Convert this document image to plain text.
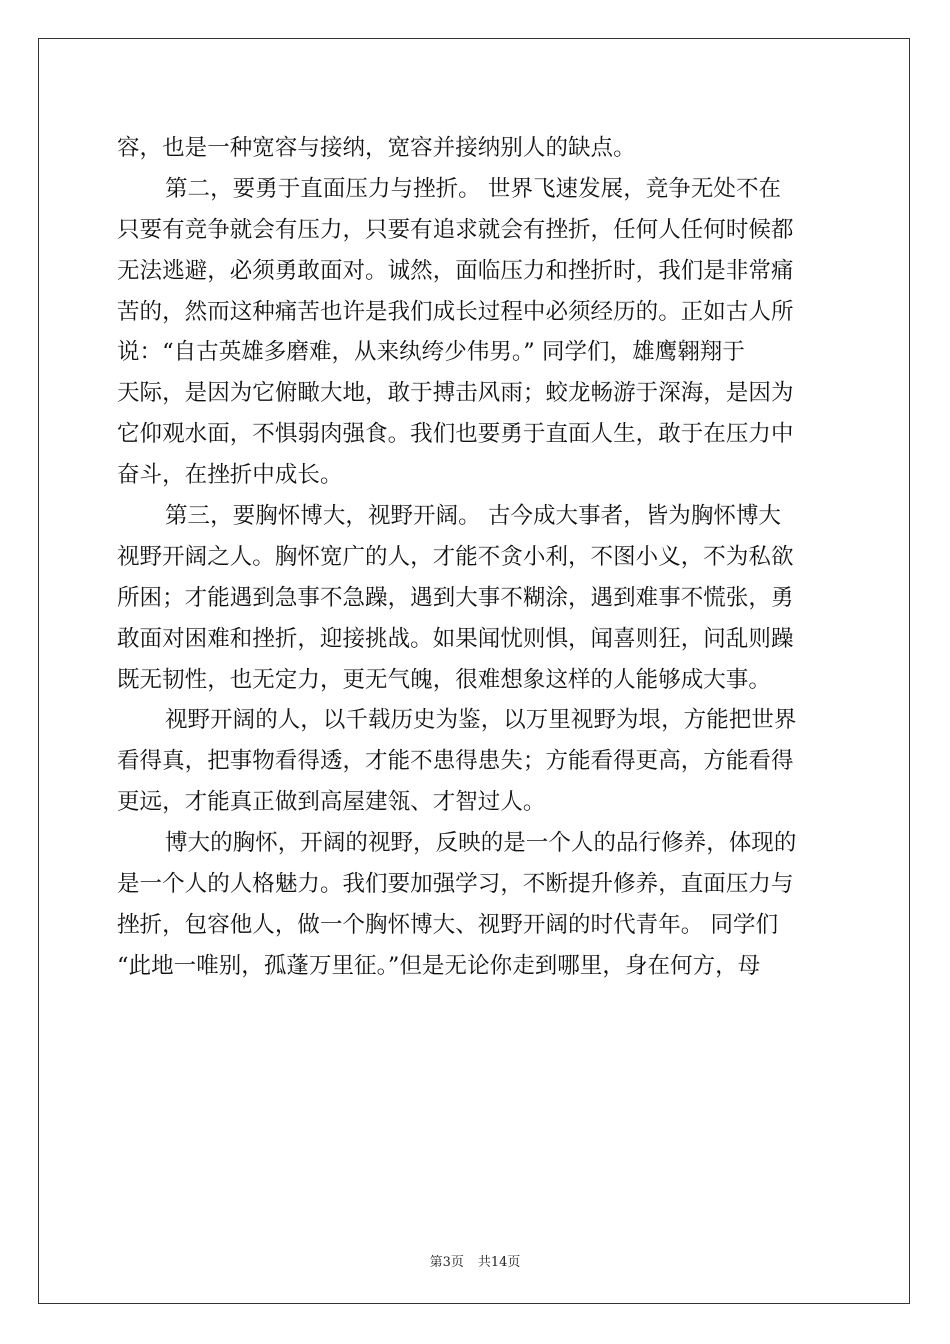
容，也是一种宽容与接纳，宽容并接纳别人的缺点。
第二，要勇于直面压力与挫折。 世界飞速发展，竞争无处不在
只要有竞争就会有压力，只要有追求就会有挫折，任何人任何时候都
无法逃避，必须勇敢面对。诚然，面临压力和挫折时，我们是非常痛
苦的，然而这种痛苦也许是我们成长过程中必须经历的。正如古人所
说：“自古英雄多磨难，从来纨绔少伟男。” 同学们，雄鹰翱翔于
天际，是因为它俯瞰大地，敢于搏击风雨；蛟龙畅游于深海，是因为
它仰观水面，不惧弱肉强食。我们也要勇于直面人生，敢于在压力中
奋斗，在挫折中成长。
第三，要胸怀博大，视野开阔。 古今成大事者，皆为胸怀博大
视野开阔之人。胸怀宽广的人，才能不贪小利，不图小义，不为私欲
所困；才能遇到急事不急躁，遇到大事不糊涂，遇到难事不慌张，勇
敢面对困难和挫折，迎接挑战。如果闻忧则惧，闻喜则狂，问乱则躁
既无韧性，也无定力，更无气魄，很难想象这样的人能够成大事。
视野开阔的人，以千载历史为鉴，以万里视野为垠，方能把世界
看得真，把事物看得透，才能不患得患失；方能看得更高，方能看得
更远，才能真正做到高屋建瓴、才智过人。
博大的胸怀，开阔的视野，反映的是一个人的品行修养，体现的
是一个人的人格魅力。我们要加强学习，不断提升修养，直面压力与
挫折，包容他人，做一个胸怀博大、视野开阔的时代青年。 同学们
“此地一唯别，孤蓬万里征。”但是无论你走到哪里，身在何方，母
第3页 共14页
